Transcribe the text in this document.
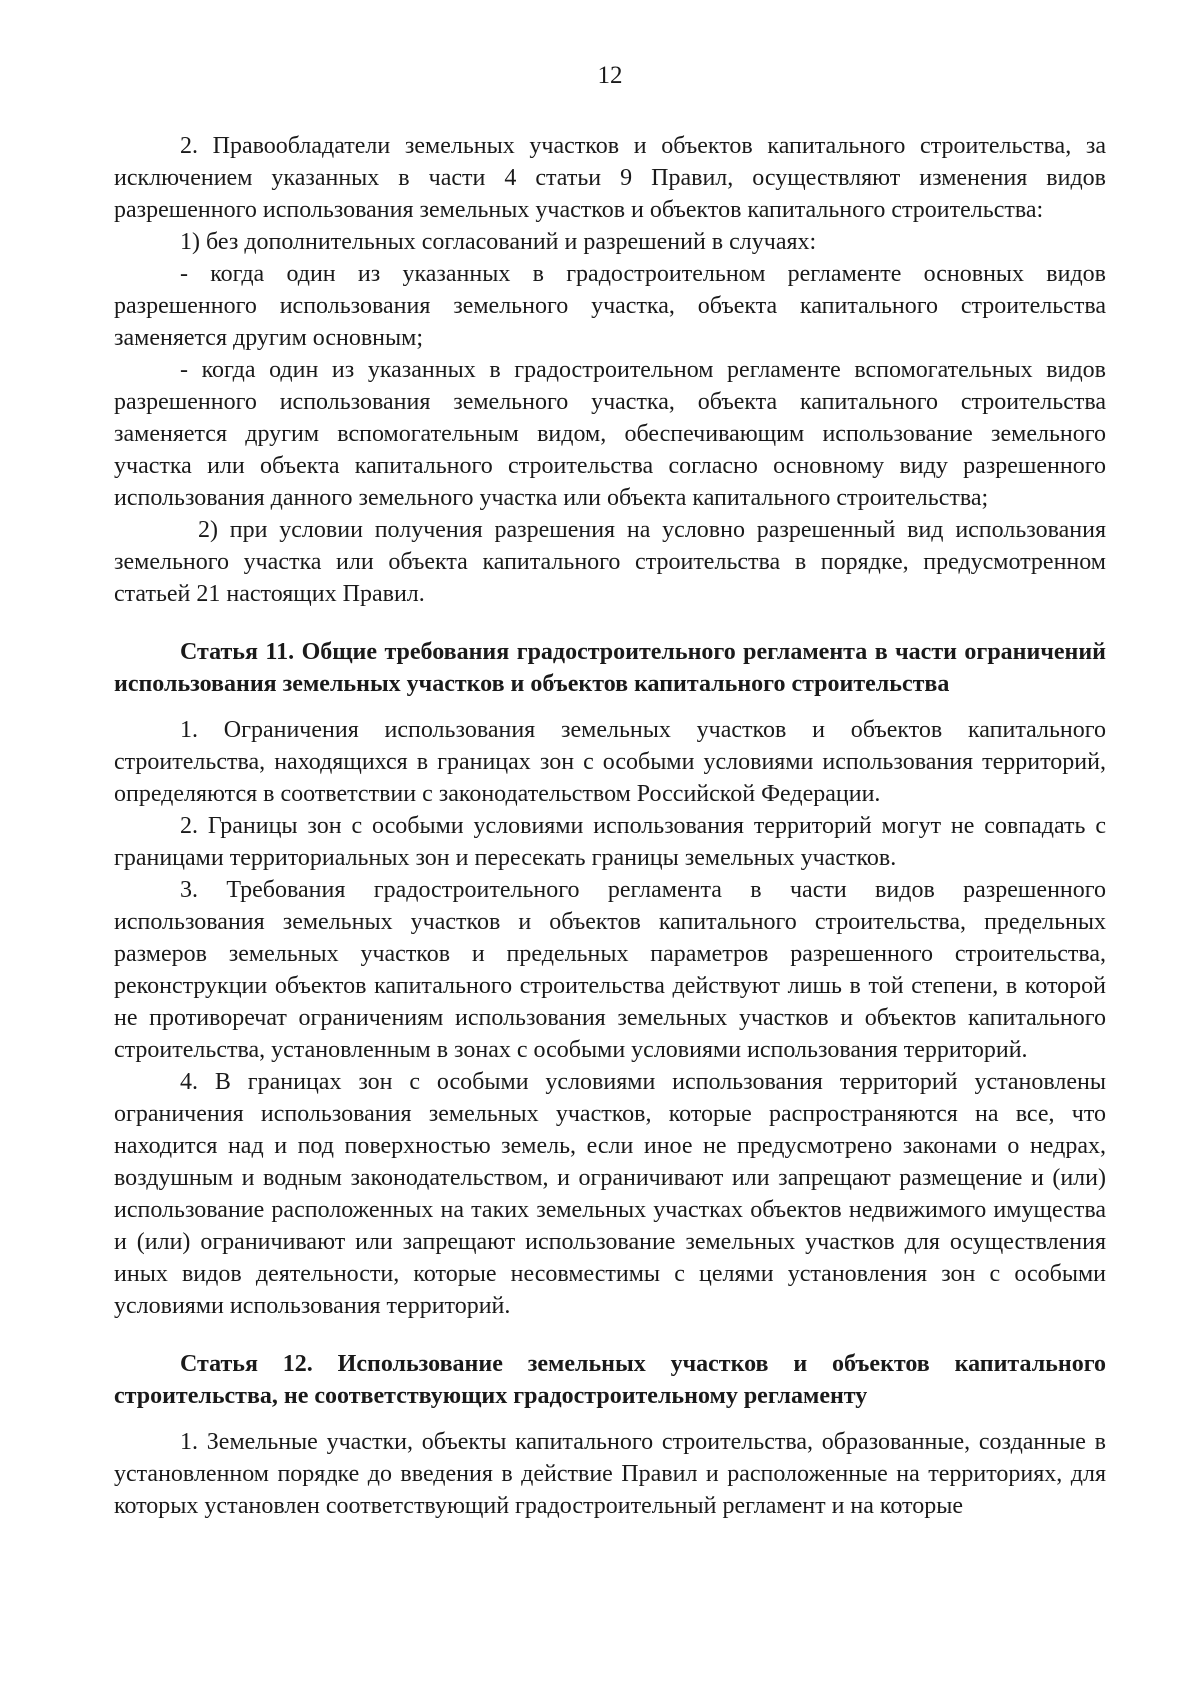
12

2. Правообладатели земельных участков и объектов капитального строительства, за исключением указанных в части 4 статьи 9 Правил, осуществляют изменения видов разрешенного использования земельных участков и объектов капитального строительства:

1) без дополнительных согласований и разрешений в случаях:

- когда один из указанных в градостроительном регламенте основных видов разрешенного использования земельного участка, объекта капитального строительства заменяется другим основным;

- когда один из указанных в градостроительном регламенте вспомогательных видов разрешенного использования земельного участка, объекта капитального строительства заменяется другим вспомогательным видом, обеспечивающим использование земельного участка или объекта капитального строительства согласно основному виду разрешенного использования данного земельного участка или объекта капитального строительства;

2) при условии получения разрешения на условно разрешенный вид использования земельного участка или объекта капитального строительства в порядке, предусмотренном статьей 21 настоящих Правил.

Статья 11. Общие требования градостроительного регламента в части ограничений использования земельных участков и объектов капитального строительства

1. Ограничения использования земельных участков и объектов капитального строительства, находящихся в границах зон с особыми условиями использования территорий, определяются в соответствии с законодательством Российской Федерации.

2. Границы зон с особыми условиями использования территорий могут не совпадать с границами территориальных зон и пересекать границы земельных участков.

3. Требования градостроительного регламента в части видов разрешенного использования земельных участков и объектов капитального строительства, предельных размеров земельных участков и предельных параметров разрешенного строительства, реконструкции объектов капитального строительства действуют лишь в той степени, в которой не противоречат ограничениям использования земельных участков и объектов капитального строительства, установленным в зонах с особыми условиями использования территорий.

4. В границах зон с особыми условиями использования территорий установлены ограничения использования земельных участков, которые распространяются на все, что находится над и под поверхностью земель, если иное не предусмотрено законами о недрах, воздушным и водным законодательством, и ограничивают или запрещают размещение и (или) использование расположенных на таких земельных участках объектов недвижимого имущества и (или) ограничивают или запрещают использование земельных участков для осуществления иных видов деятельности, которые несовместимы с целями установления зон с особыми условиями использования территорий.

Статья 12. Использование земельных участков и объектов капитального строительства, не соответствующих градостроительному регламенту

1. Земельные участки, объекты капитального строительства, образованные, созданные в установленном порядке до введения в действие Правил и расположенные на территориях, для которых установлен соответствующий градостроительный регламент и на которые
